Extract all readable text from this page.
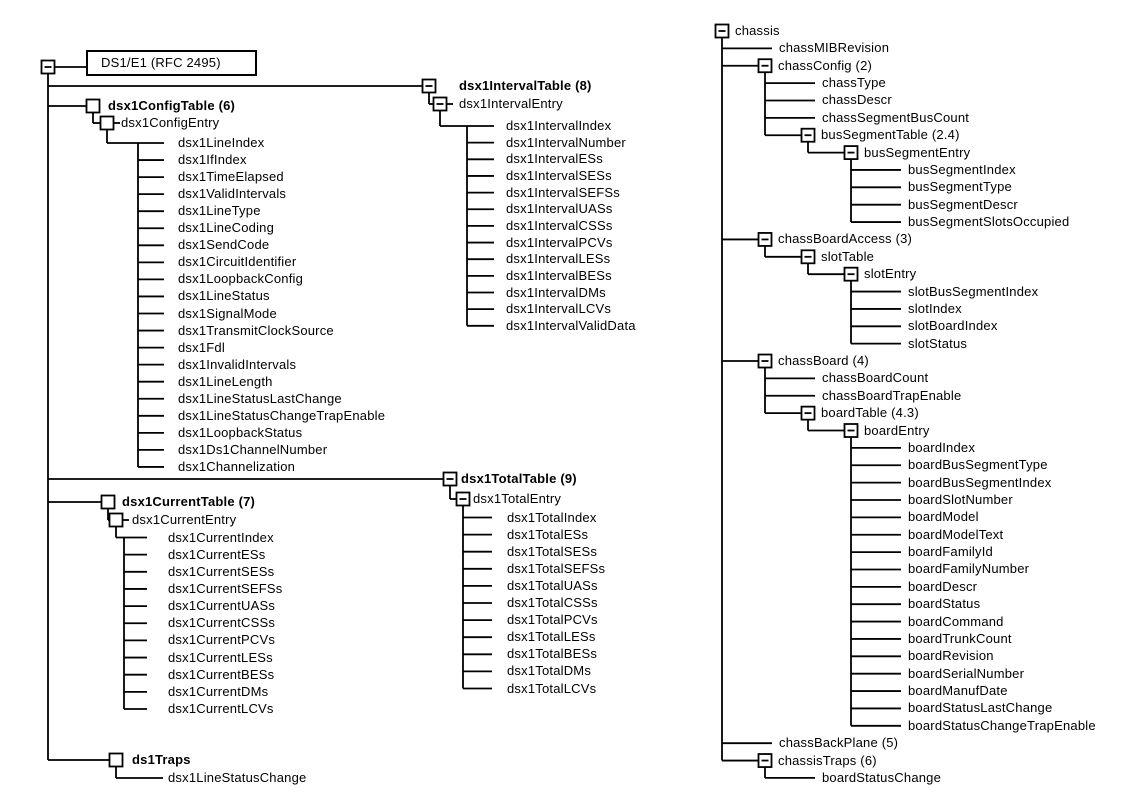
DS1/E1 (RFC 2495)
dsx1ConfigTable (6)
dsx1ConfigEntry
dsx1LineIndex
dsx1IfIndex
dsx1TimeElapsed
dsx1ValidIntervals
dsx1LineType
dsx1LineCoding
dsx1SendCode
dsx1CircuitIdentifier
dsx1LoopbackConfig
dsx1LineStatus
dsx1SignalMode
dsx1TransmitClockSource
dsx1Fdl
dsx1InvalidIntervals
dsx1LineLength
dsx1LineStatusLastChange
dsx1LineStatusChangeTrapEnable
dsx1LoopbackStatus
dsx1Ds1ChannelNumber
dsx1Channelization
dsx1IntervalTable (8)
dsx1IntervalEntry
dsx1IntervalIndex
dsx1IntervalNumber
dsx1IntervalESs
dsx1IntervalSESs
dsx1IntervalSEFSs
dsx1IntervalUASs
dsx1IntervalCSSs
dsx1IntervalPCVs
dsx1IntervalLESs
dsx1IntervalBESs
dsx1IntervalDMs
dsx1IntervalLCVs
dsx1IntervalValidData
dsx1CurrentTable (7)
dsx1CurrentEntry
dsx1CurrentIndex
dsx1CurrentESs
dsx1CurrentSESs
dsx1CurrentSEFSs
dsx1CurrentUASs
dsx1CurrentCSSs
dsx1CurrentPCVs
dsx1CurrentLESs
dsx1CurrentBESs
dsx1CurrentDMs
dsx1CurrentLCVs
dsx1TotalTable (9)
dsx1TotalEntry
dsx1TotalIndex
dsx1TotalESs
dsx1TotalSESs
dsx1TotalSEFSs
dsx1TotalUASs
dsx1TotalCSSs
dsx1TotalPCVs
dsx1TotalLESs
dsx1TotalBESs
dsx1TotalDMs
dsx1TotalLCVs
ds1Traps
dsx1LineStatusChange
chassis
chassMIBRevision
chassConfig (2)
chassType
chassDescr
chassSegmentBusCount
busSegmentTable (2.4)
busSegmentEntry
busSegmentIndex
busSegmentType
busSegmentDescr
busSegmentSlotsOccupied
chassBoardAccess (3)
slotTable
slotEntry
slotBusSegmentIndex
slotIndex
slotBoardIndex
slotStatus
chassBoard (4)
chassBoardCount
chassBoardTrapEnable
boardTable (4.3)
boardEntry
boardIndex
boardBusSegmentType
boardBusSegmentIndex
boardSlotNumber
boardModel
boardModelText
boardFamilyId
boardFamilyNumber
boardDescr
boardStatus
boardCommand
boardTrunkCount
boardRevision
boardSerialNumber
boardManufDate
boardStatusLastChange
boardStatusChangeTrapEnable
chassBackPlane (5)
chassisTraps (6)
boardStatusChange
